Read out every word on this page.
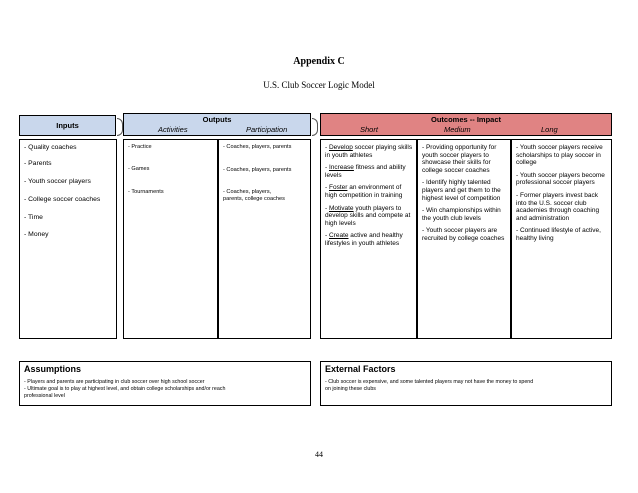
Appendix C
U.S. Club Soccer Logic Model
Inputs
- Quality coaches
- Parents
- Youth soccer players
- College soccer coaches
- Time
- Money
Outputs
Activities	Participation
- Practice
- Games
- Tournaments
- Coaches, players, parents
- Coaches, players, parents
- Coaches, players,
parents, college coaches
Outcomes -- Impact
Short	Medium	Long

- Develop soccer playing skills in youth athletes

- Increase fitness and ability levels

- Foster an environment of high competition in training

- Motivate youth players to develop skills and compete at high levels

- Create active and healthy lifestyles in youth athletes

- Providing opportunity for youth soccer players to showcase their skills for college soccer coaches

- Identify highly talented players and get them to the highest level of competition

- Win championships within the youth club levels

- Youth soccer players are recruited by college coaches

- Youth soccer players receive scholarships to play soccer in college

- Youth soccer players become professional soccer players

- Former players invest back into the U.S. soccer club academies through coaching and administration

- Continued lifestyle of active, healthy living

Assumptions
- Players and parents are participating in club soccer over high school soccer
- Ultimate goal is to play at highest level, and obtain college scholarships and/or reach
professional level
External Factors
- Club soccer is expensive, and some talented players may not have the money to spend
on joining these clubs
44
